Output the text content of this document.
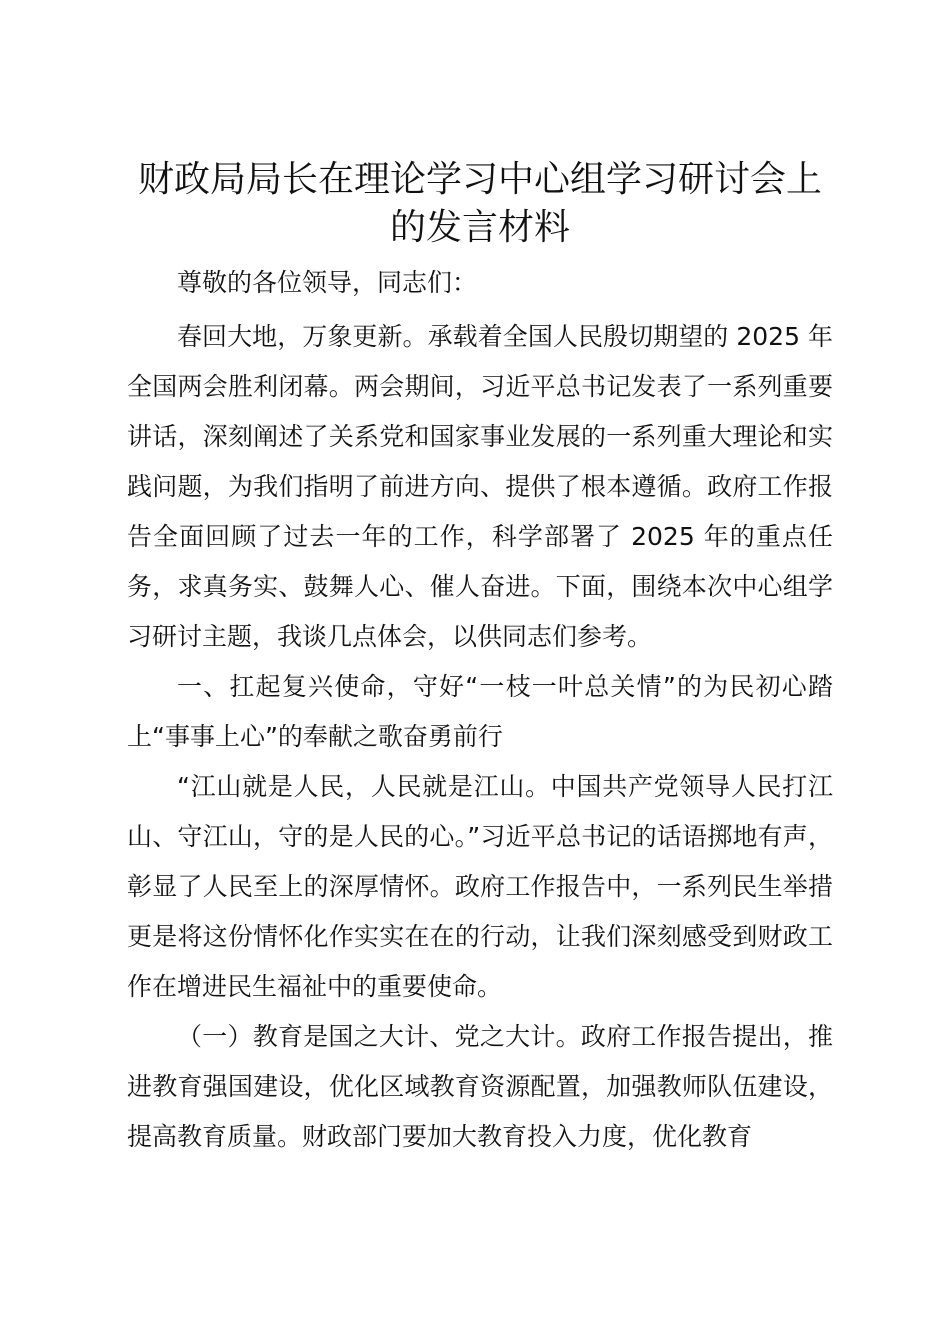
财政局局长在理论学习中心组学习研讨会上的发言材料

尊敬的各位领导，同志们：

春回大地，万象更新。承载着全国人民殷切期望的 2025 年全国两会胜利闭幕。两会期间，习近平总书记发表了一系列重要讲话，深刻阐述了关系党和国家事业发展的一系列重大理论和实践问题，为我们指明了前进方向、提供了根本遵循。政府工作报告全面回顾了过去一年的工作，科学部署了 2025 年的重点任务，求真务实、鼓舞人心、催人奋进。下面，围绕本次中心组学习研讨主题，我谈几点体会，以供同志们参考。

一、扛起复兴使命，守好“一枝一叶总关情”的为民初心踏上“事事上心”的奉献之歌奋勇前行

“江山就是人民，人民就是江山。中国共产党领导人民打江山、守江山，守的是人民的心。”习近平总书记的话语掷地有声，彰显了人民至上的深厚情怀。政府工作报告中，一系列民生举措更是将这份情怀化作实实在在的行动，让我们深刻感受到财政工作在增进民生福祉中的重要使命。

（一）教育是国之大计、党之大计。政府工作报告提出，推进教育强国建设，优化区域教育资源配置，加强教师队伍建设，提高教育质量。财政部门要加大教育投入力度，优化教育
